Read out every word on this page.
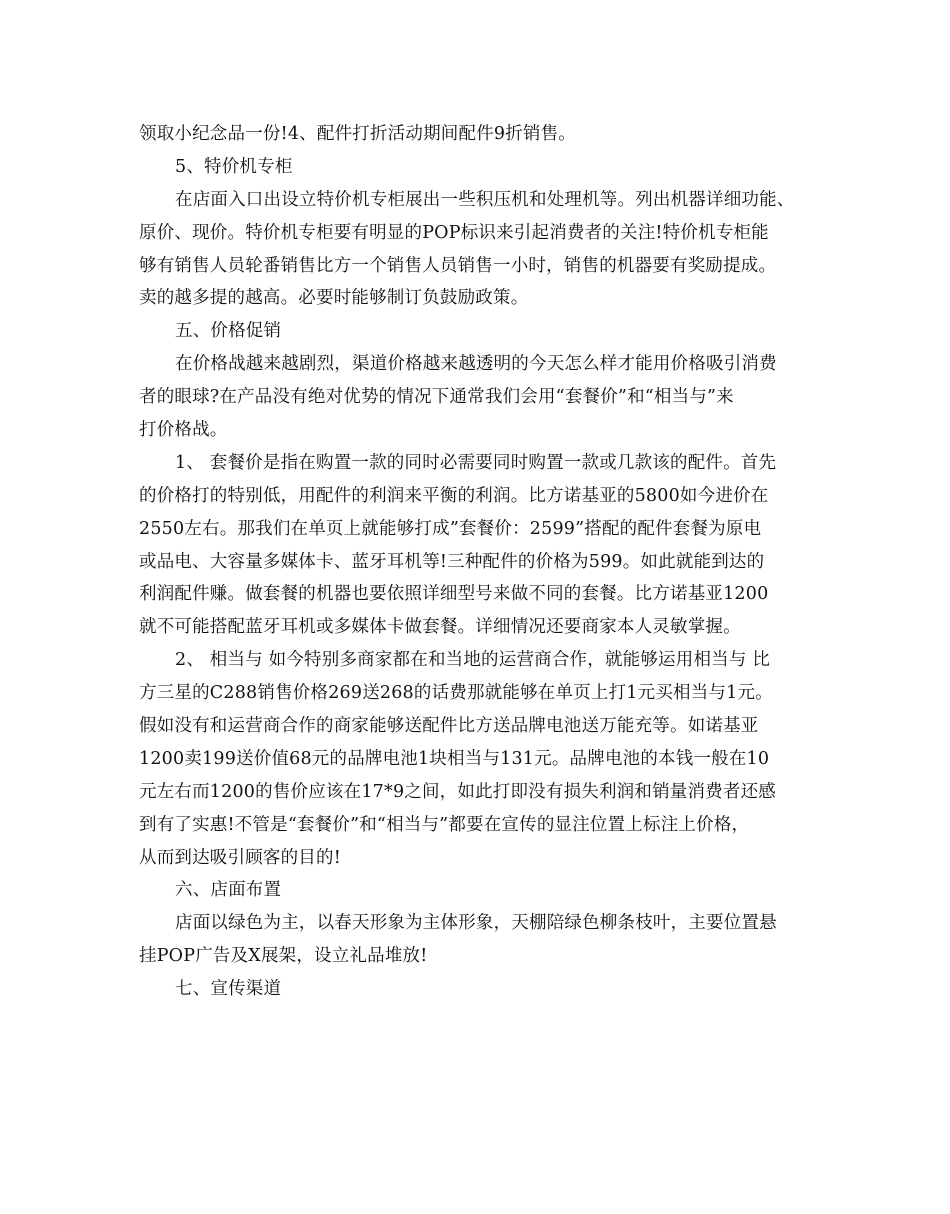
领取小纪念品一份!4、配件打折活动期间配件9折销售。
5、特价机专柜
在店面入口出设立特价机专柜展出一些积压机和处理机等。列出机器详细功能、
原价、现价。特价机专柜要有明显的POP标识来引起消费者的关注!特价机专柜能
够有销售人员轮番销售比方一个销售人员销售一小时，销售的机器要有奖励提成。
卖的越多提的越高。必要时能够制订负鼓励政策。
五、价格促销
在价格战越来越剧烈，渠道价格越来越透明的今天怎么样才能用价格吸引消费
者的眼球?在产品没有绝对优势的情况下通常我们会用“套餐价”和“相当与”来
打价格战。
1、 套餐价是指在购置一款的同时必需要同时购置一款或几款该的配件。首先
的价格打的特别低，用配件的利润来平衡的利润。比方诺基亚的5800如今进价在
2550左右。那我们在单页上就能够打成”套餐价：2599”搭配的配件套餐为原电
或品电、大容量多媒体卡、蓝牙耳机等!三种配件的价格为599。如此就能到达的
利润配件赚。做套餐的机器也要依照详细型号来做不同的套餐。比方诺基亚1200
就不可能搭配蓝牙耳机或多媒体卡做套餐。详细情况还要商家本人灵敏掌握。
2、 相当与 如今特别多商家都在和当地的运营商合作，就能够运用相当与 比
方三星的C288销售价格269送268的话费那就能够在单页上打1元买相当与1元。
假如没有和运营商合作的商家能够送配件比方送品牌电池送万能充等。如诺基亚
1200卖199送价值68元的品牌电池1块相当与131元。品牌电池的本钱一般在10
元左右而1200的售价应该在17*9之间，如此打即没有损失利润和销量消费者还感
到有了实惠!不管是“套餐价”和“相当与”都要在宣传的显注位置上标注上价格，
从而到达吸引顾客的目的!
六、店面布置
店面以绿色为主，以春天形象为主体形象，天棚陪绿色柳条枝叶，主要位置悬
挂POP广告及X展架，设立礼品堆放!
七、宣传渠道
